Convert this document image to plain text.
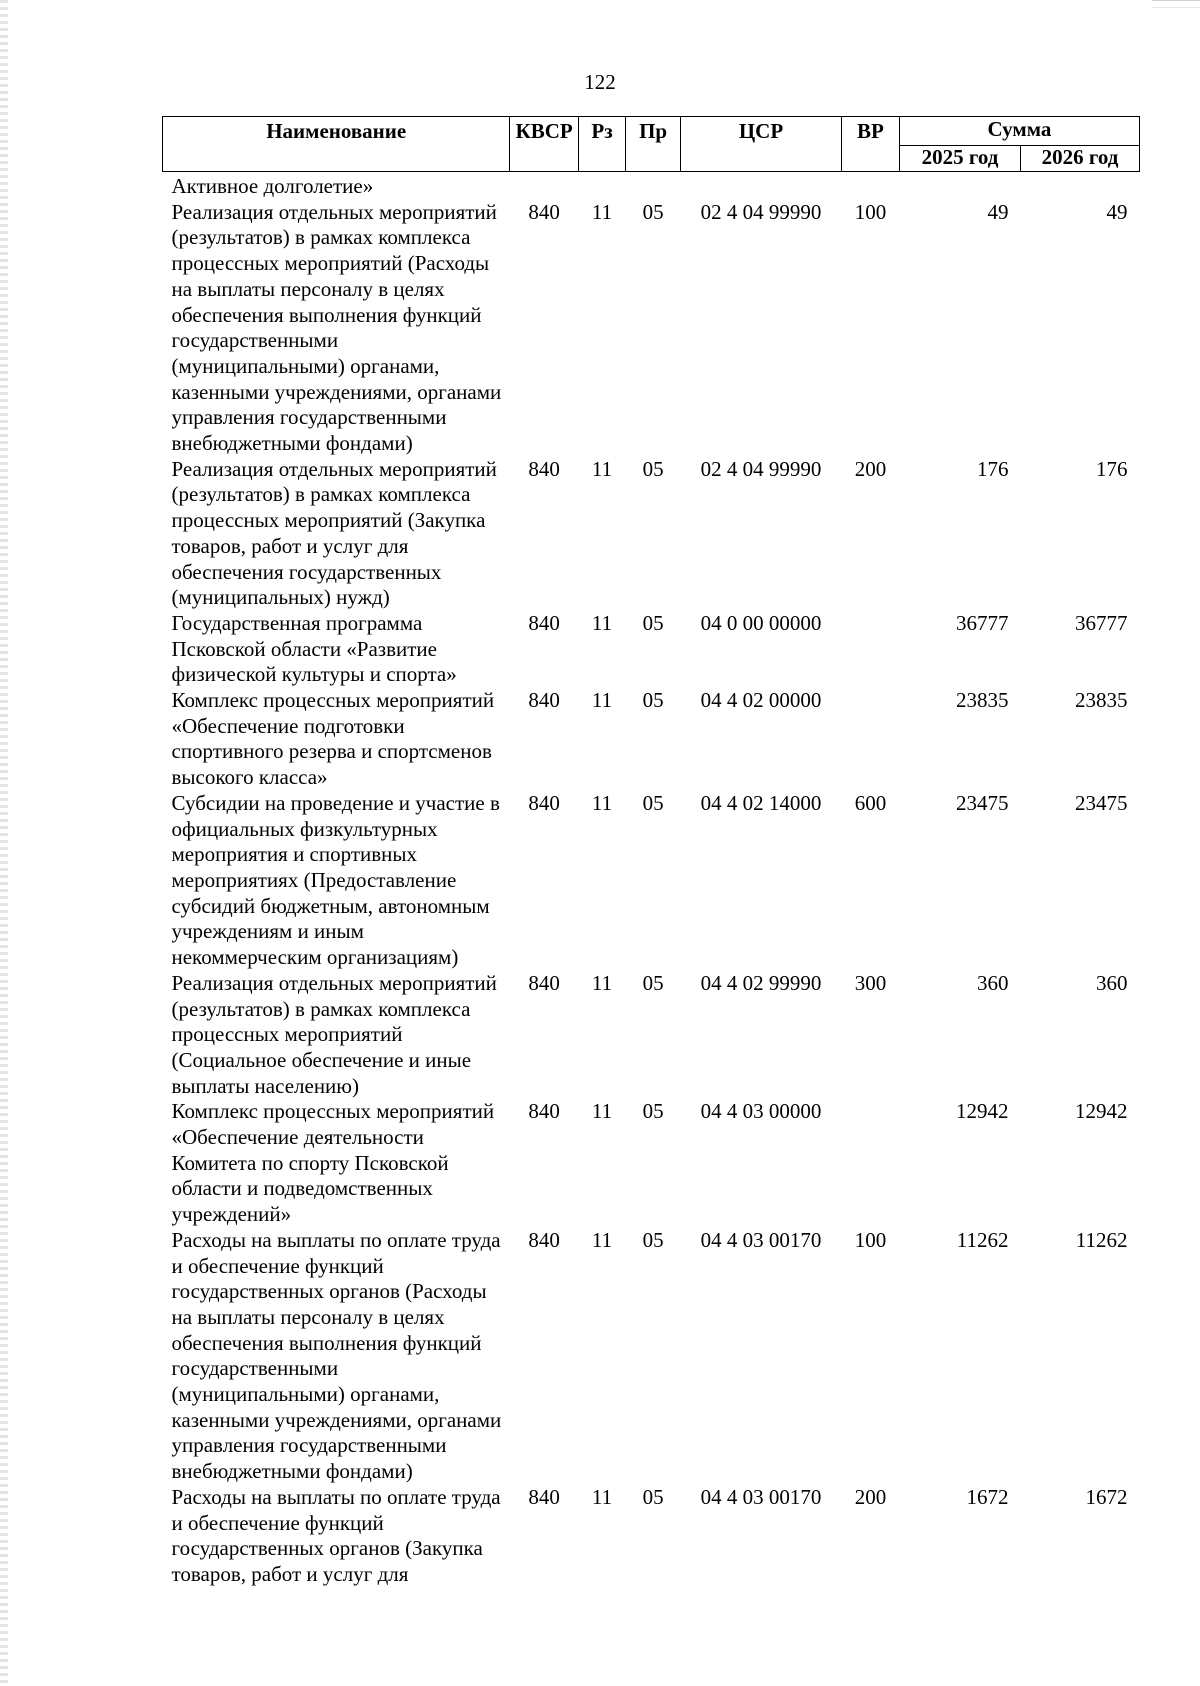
122
Наименование	КВСР	Рз	Пр	ЦСР	ВР	Сумма	
						2025 год	2026 год
Активное долголетие»							
Реализация отдельных мероприятий (результатов) в рамках комплекса процессных мероприятий (Расходы на выплаты персоналу в целях обеспечения выполнения функций государственными (муниципальными) органами, казенными учреждениями, органами управления государственными внебюджетными фондами)	840	11	05	02 4 04 99990	100	49	49
Реализация отдельных мероприятий (результатов) в рамках комплекса процессных мероприятий (Закупка товаров, работ и услуг для обеспечения государственных (муниципальных) нужд)	840	11	05	02 4 04 99990	200	176	176
Государственная программа Псковской области «Развитие физической культуры и спорта»	840	11	05	04 0 00 00000		36777	36777
Комплекс процессных мероприятий «Обеспечение подготовки спортивного резерва и спортсменов высокого класса»	840	11	05	04 4 02 00000		23835	23835
Субсидии на проведение и участие в официальных физкультурных мероприятия и спортивных мероприятиях (Предоставление субсидий бюджетным, автономным учреждениям и иным некоммерческим организациям)	840	11	05	04 4 02 14000	600	23475	23475
Реализация отдельных мероприятий (результатов) в рамках комплекса процессных мероприятий (Социальное обеспечение и иные выплаты населению)	840	11	05	04 4 02 99990	300	360	360
Комплекс процессных мероприятий «Обеспечение деятельности Комитета по спорту Псковской области и подведомственных учреждений»	840	11	05	04 4 03 00000		12942	12942
Расходы на выплаты по оплате труда и обеспечение функций государственных органов (Расходы на выплаты персоналу в целях обеспечения выполнения функций государственными (муниципальными) органами, казенными учреждениями, органами управления государственными внебюджетными фондами)	840	11	05	04 4 03 00170	100	11262	11262
Расходы на выплаты по оплате труда и обеспечение функций государственных органов (Закупка товаров, работ и услуг для	840	11	05	04 4 03 00170	200	1672	1672
